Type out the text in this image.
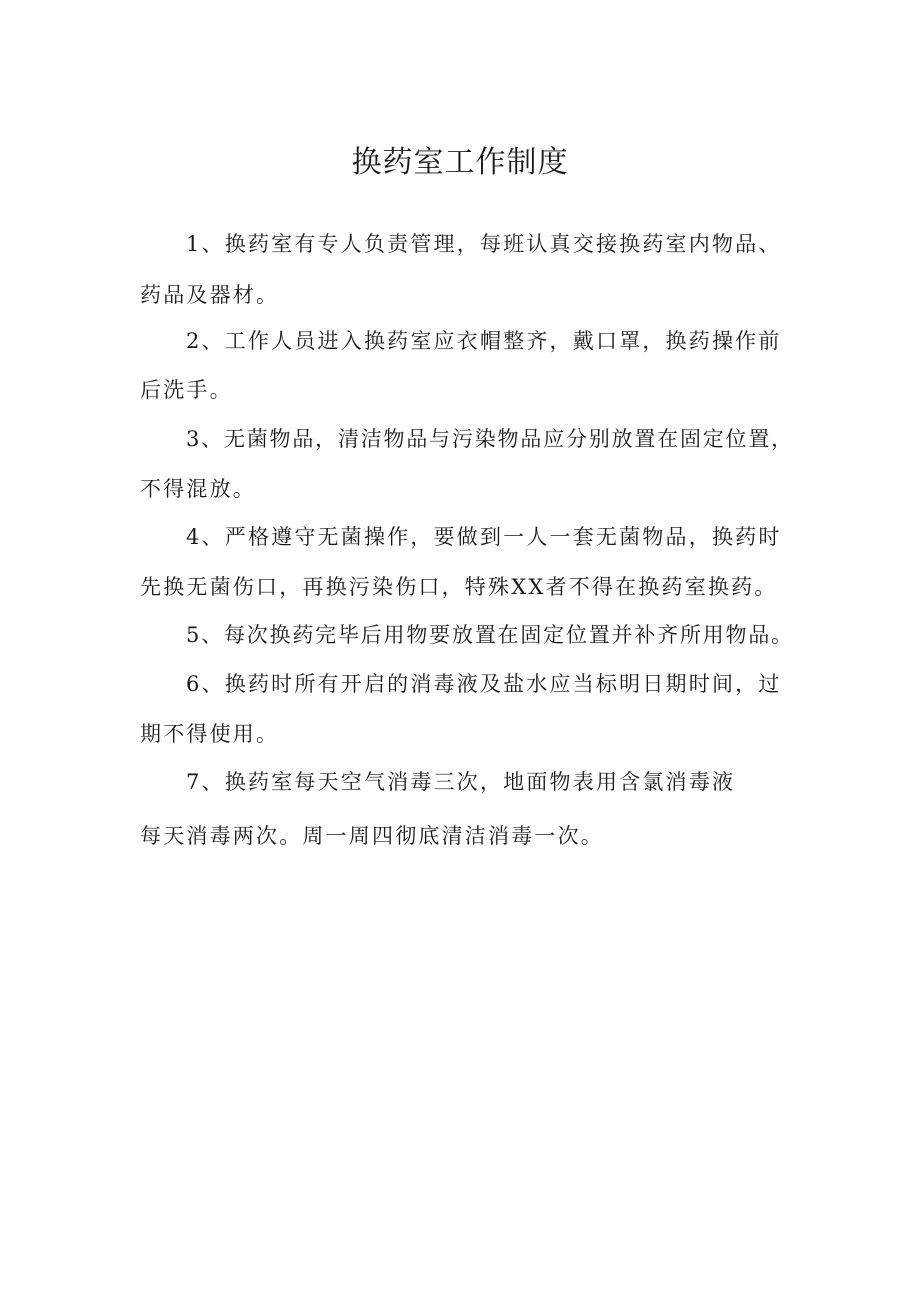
换药室工作制度
1、换药室有专人负责管理，每班认真交接换药室内物品、
药品及器材。
2、工作人员进入换药室应衣帽整齐，戴口罩，换药操作前
后洗手。
3、无菌物品，清洁物品与污染物品应分别放置在固定位置，
不得混放。
4、严格遵守无菌操作，要做到一人一套无菌物品，换药时
先换无菌伤口，再换污染伤口，特殊XX者不得在换药室换药。
5、每次换药完毕后用物要放置在固定位置并补齐所用物品。
6、换药时所有开启的消毒液及盐水应当标明日期时间，过
期不得使用。
7、换药室每天空气消毒三次，地面物表用含氯消毒液
每天消毒两次。周一周四彻底清洁消毒一次。
